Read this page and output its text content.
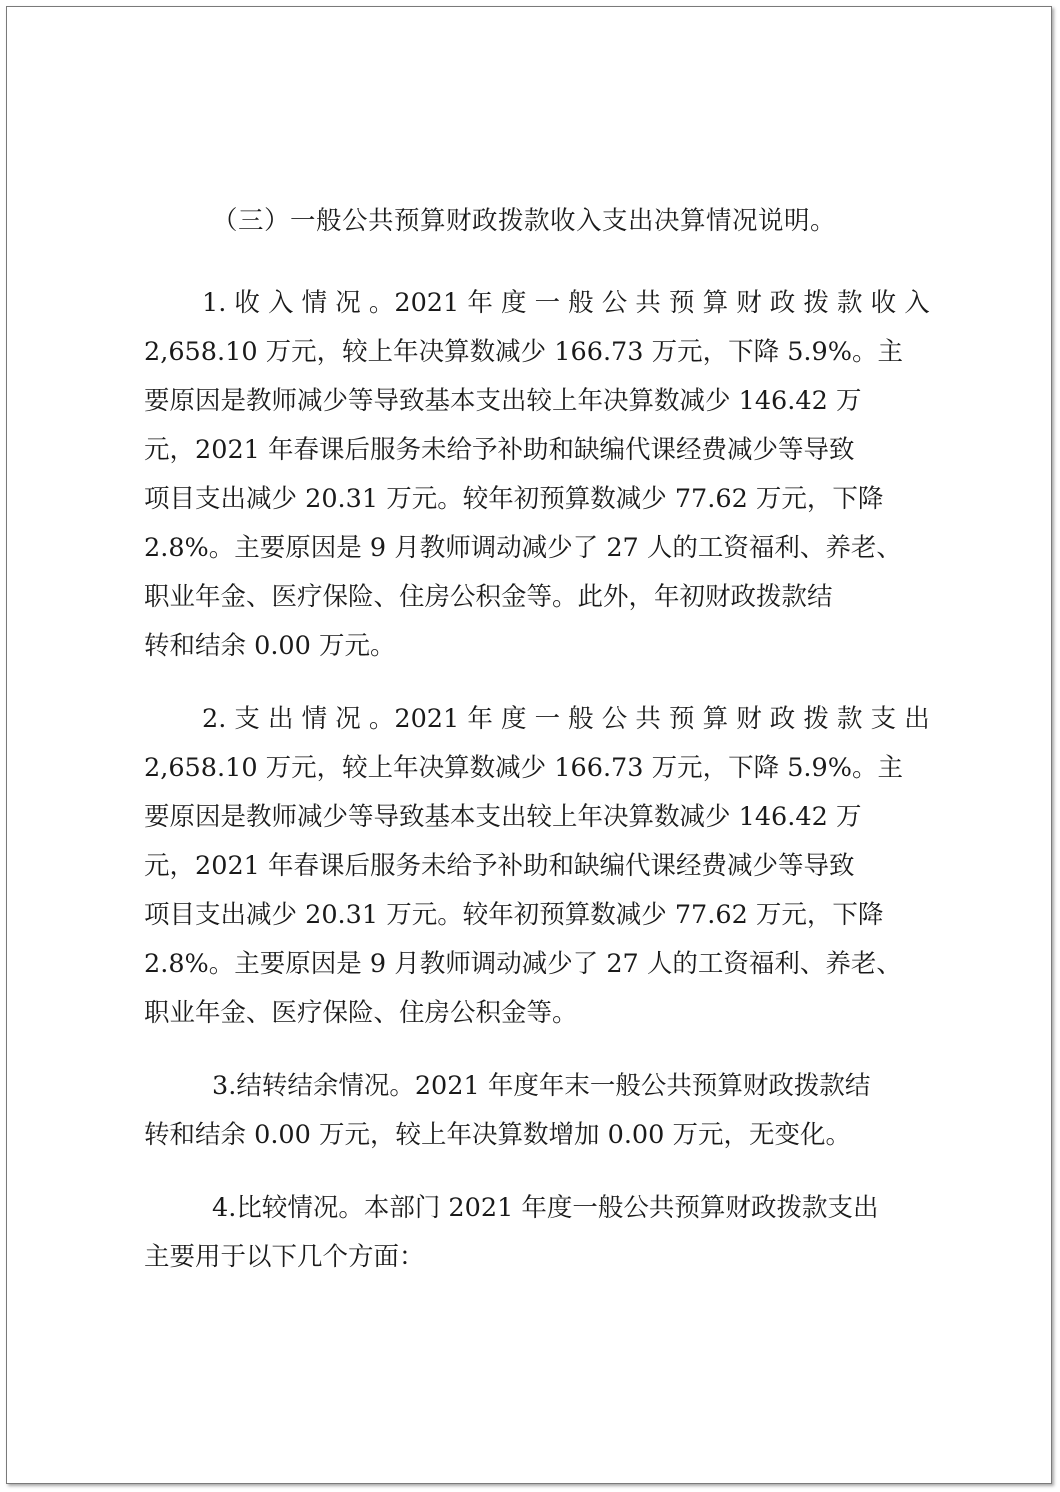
（三）一般公共预算财政拨款收入支出决算情况说明。
1. 收 入 情 况 。2021 年 度 一 般 公 共 预 算 财 政 拨 款 收 入
2,658.10 万元，较上年决算数减少 166.73 万元，下降 5.9%。主
要原因是教师减少等导致基本支出较上年决算数减少 146.42 万
元，2021 年春课后服务未给予补助和缺编代课经费减少等导致
项目支出减少 20.31 万元。较年初预算数减少 77.62 万元，下降
2.8%。主要原因是 9 月教师调动减少了 27 人的工资福利、养老、
职业年金、医疗保险、住房公积金等。此外，年初财政拨款结
转和结余 0.00 万元。
2. 支 出 情 况 。2021 年 度 一 般 公 共 预 算 财 政 拨 款 支 出
2,658.10 万元，较上年决算数减少 166.73 万元，下降 5.9%。主
要原因是教师减少等导致基本支出较上年决算数减少 146.42 万
元，2021 年春课后服务未给予补助和缺编代课经费减少等导致
项目支出减少 20.31 万元。较年初预算数减少 77.62 万元，下降
2.8%。主要原因是 9 月教师调动减少了 27 人的工资福利、养老、
职业年金、医疗保险、住房公积金等。
3.结转结余情况。2021 年度年末一般公共预算财政拨款结
转和结余 0.00 万元，较上年决算数增加 0.00 万元，无变化。
4.比较情况。本部门 2021 年度一般公共预算财政拨款支出
主要用于以下几个方面：
